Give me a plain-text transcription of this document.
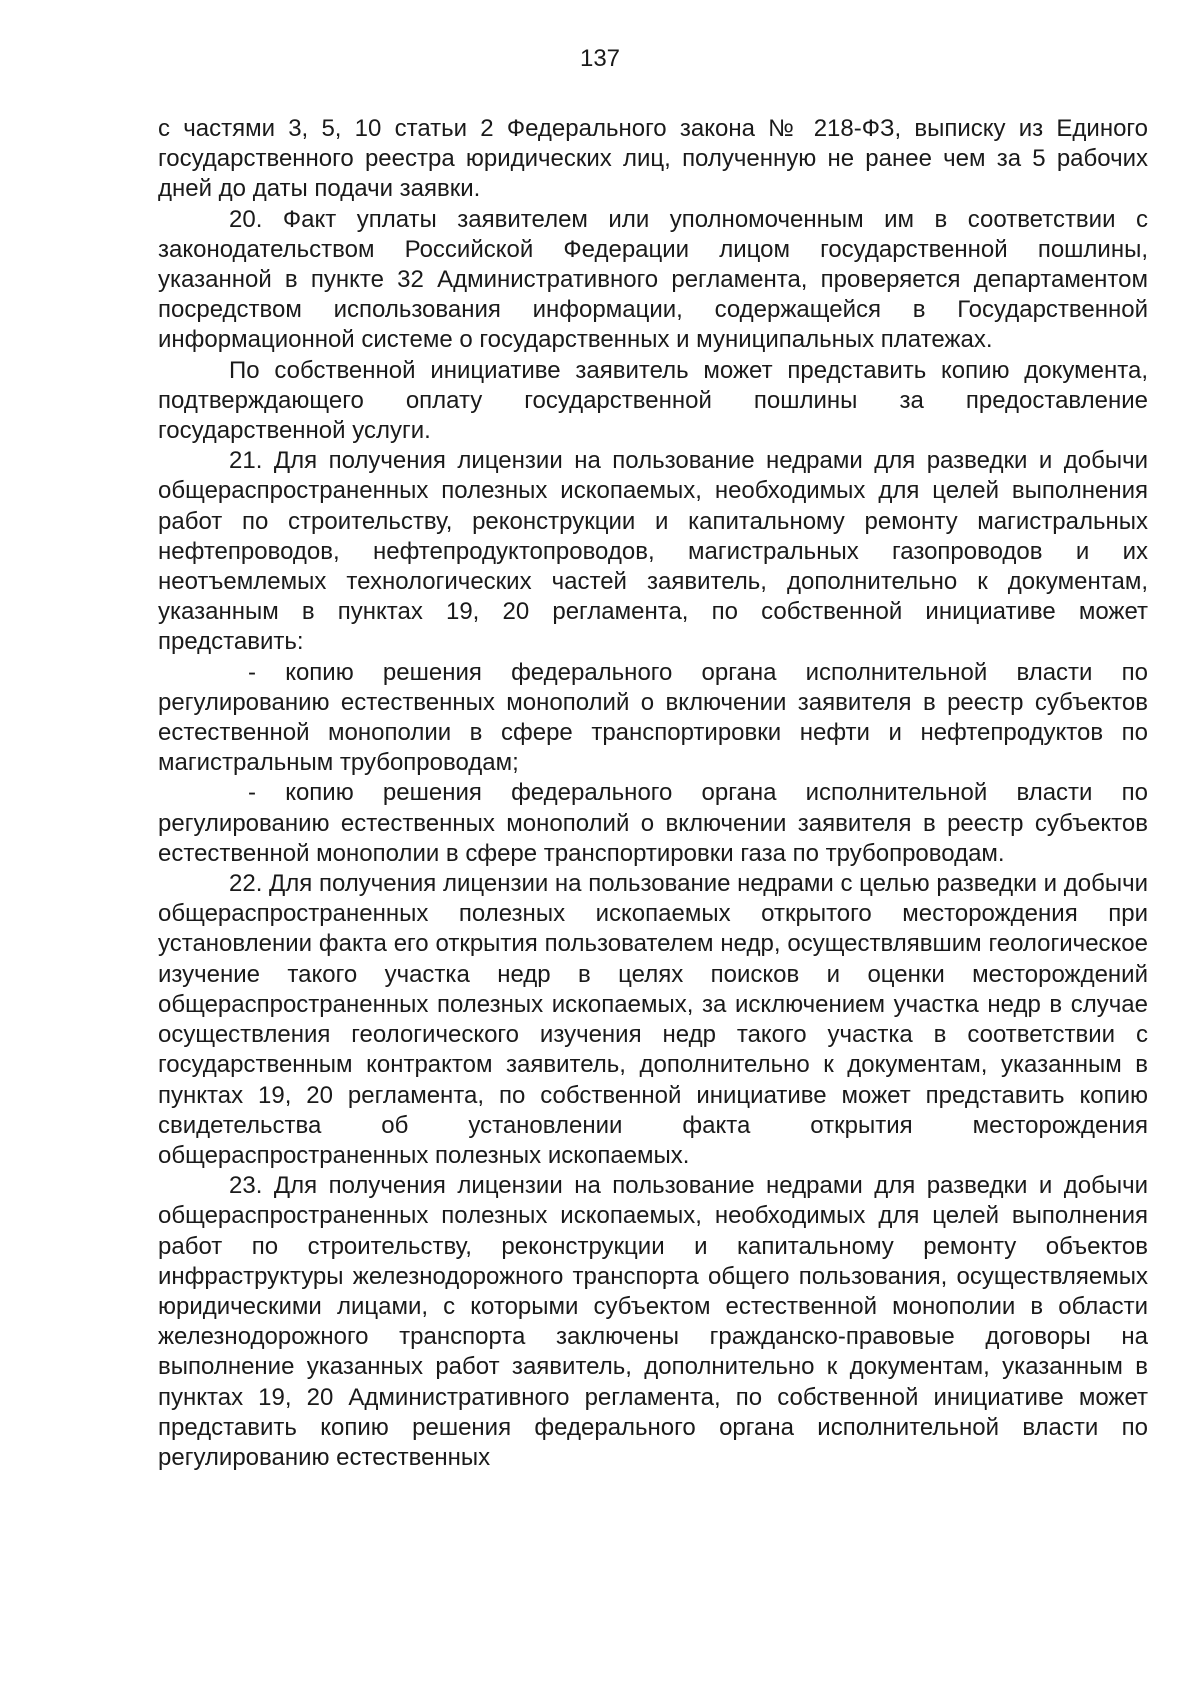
137

с частями 3, 5, 10 статьи 2 Федерального закона № 218-ФЗ, выписку из Единого государственного реестра юридических лиц, полученную не ранее чем за 5 рабочих дней до даты подачи заявки.

20. Факт уплаты заявителем или уполномоченным им в соответствии с законодательством Российской Федерации лицом государственной пошлины, указанной в пункте 32 Административного регламента, проверяется департаментом посредством использования информации, содержащейся в Государственной информационной системе о государственных и муниципальных платежах.

По собственной инициативе заявитель может представить копию документа, подтверждающего оплату государственной пошлины за предоставление государственной услуги.

21. Для получения лицензии на пользование недрами для разведки и добычи общераспространенных полезных ископаемых, необходимых для целей выполнения работ по строительству, реконструкции и капитальному ремонту магистральных нефтепроводов, нефтепродуктопроводов, магистральных газопроводов и их неотъемлемых технологических частей заявитель, дополнительно к документам, указанным в пунктах 19, 20 регламента, по собственной инициативе может представить:

- копию решения федерального органа исполнительной власти по регулированию естественных монополий о включении заявителя в реестр субъектов естественной монополии в сфере транспортировки нефти и нефтепродуктов по магистральным трубопроводам;

- копию решения федерального органа исполнительной власти по регулированию естественных монополий о включении заявителя в реестр субъектов естественной монополии в сфере транспортировки газа по трубопроводам.

22. Для получения лицензии на пользование недрами с целью разведки и добычи общераспространенных полезных ископаемых открытого месторождения при установлении факта его открытия пользователем недр, осуществлявшим геологическое изучение такого участка недр в целях поисков и оценки месторождений общераспространенных полезных ископаемых, за исключением участка недр в случае осуществления геологического изучения недр такого участка в соответствии с государственным контрактом заявитель, дополнительно к документам, указанным в пунктах 19, 20 регламента, по собственной инициативе может представить копию свидетельства об установлении факта открытия месторождения общераспространенных полезных ископаемых.

23. Для получения лицензии на пользование недрами для разведки и добычи общераспространенных полезных ископаемых, необходимых для целей выполнения работ по строительству, реконструкции и капитальному ремонту объектов инфраструктуры железнодорожного транспорта общего пользования, осуществляемых юридическими лицами, с которыми субъектом естественной монополии в области железнодорожного транспорта заключены гражданско-правовые договоры на выполнение указанных работ заявитель, дополнительно к документам, указанным в пунктах 19, 20 Административного регламента, по собственной инициативе может представить копию решения федерального органа исполнительной власти по регулированию естественных
